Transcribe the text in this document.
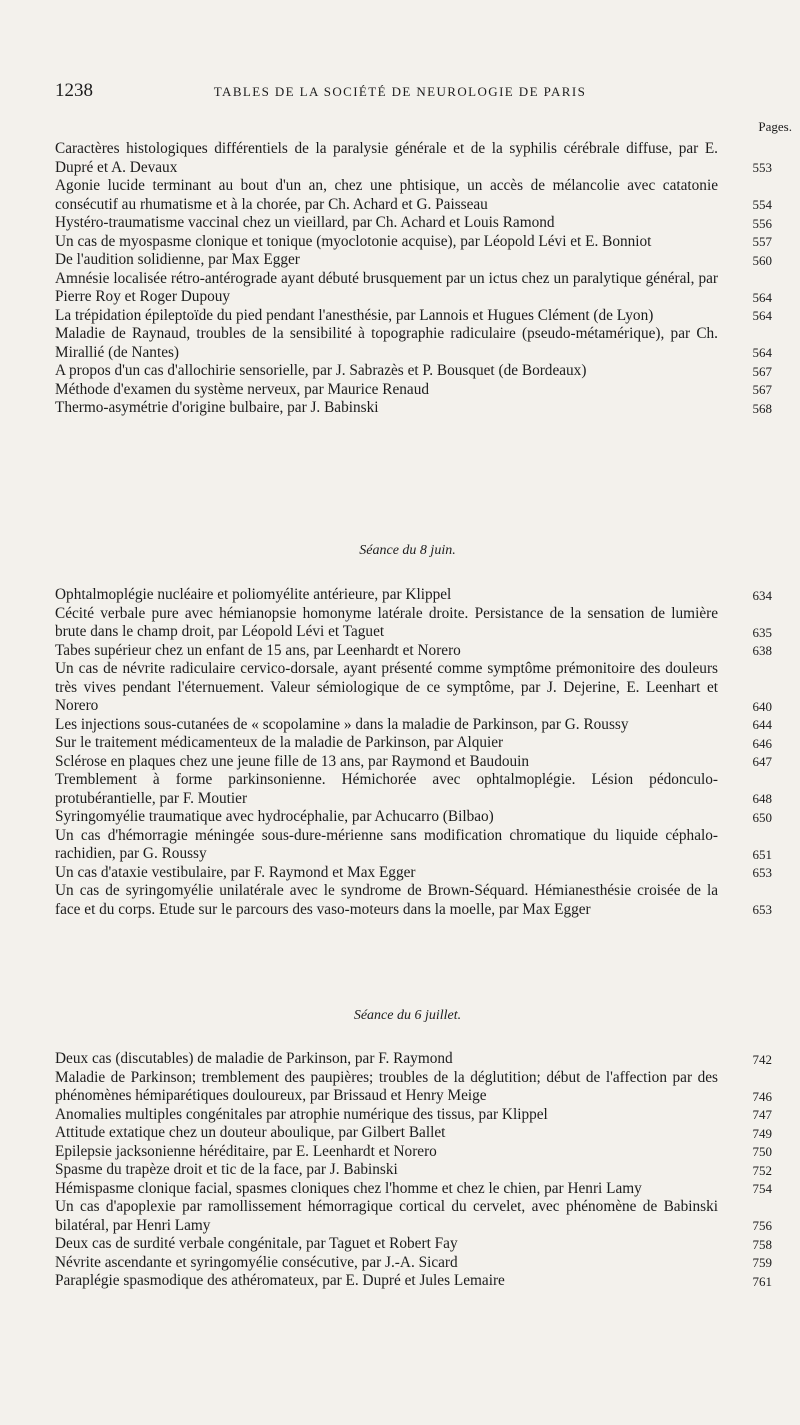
1238	TABLES DE LA SOCIÉTÉ DE NEUROLOGIE DE PARIS
Pages.
Caractères histologiques différentiels de la paralysie générale et de la syphilis cérébrale diffuse, par E. Dupré et A. Devaux	553
Agonie lucide terminant au bout d'un an, chez une phtisique, un accès de mélancolie avec catatonie consécutif au rhumatisme et à la chorée, par Ch. Achard et G. Paisseau	554
Hystéro-traumatisme vaccinal chez un vieillard, par Ch. Achard et Louis Ramond	556
Un cas de myospasme clonique et tonique (myoclotonie acquise), par Léopold Lévi et E. Bonniot	557
De l'audition solidienne, par Max Egger	560
Amnésie localisée rétro-antérograde ayant débuté brusquement par un ictus chez un paralytique général, par Pierre Roy et Roger Dupouy	564
La trépidation épileptoïde du pied pendant l'anesthésie, par Lannois et Hugues Clément (de Lyon)	564
Maladie de Raynaud, troubles de la sensibilité à topographie radiculaire (pseudo-métamérique), par Ch. Mirallié (de Nantes)	564
A propos d'un cas d'allochirie sensorielle, par J. Sabrazès et P. Bousquet (de Bordeaux)	567
Méthode d'examen du système nerveux, par Maurice Renaud	567
Thermo-asymétrie d'origine bulbaire, par J. Babinski	568
Séance du 8 juin.
Ophtalmoplégie nucléaire et poliomyélite antérieure, par Klippel	634
Cécité verbale pure avec hémianopsie homonyme latérale droite. Persistance de la sensation de lumière brute dans le champ droit, par Léopold Lévi et Taguet	635
Tabes supérieur chez un enfant de 15 ans, par Leenhardt et Norero	638
Un cas de névrite radiculaire cervico-dorsale, ayant présenté comme symptôme prémonitoire des douleurs très vives pendant l'éternuement. Valeur sémiologique de ce symptôme, par J. Dejerine, E. Leenhart et Norero	640
Les injections sous-cutanées de « scopolamine » dans la maladie de Parkinson, par G. Roussy	644
Sur le traitement médicamenteux de la maladie de Parkinson, par Alquier	646
Sclérose en plaques chez une jeune fille de 13 ans, par Raymond et Baudouin	647
Tremblement à forme parkinsonienne. Hémichorée avec ophtalmoplégie. Lésion pédonculo-protubérantielle, par F. Moutier	648
Syringomyélie traumatique avec hydrocéphalie, par Achucarro (Bilbao)	650
Un cas d'hémorragie méningée sous-dure-mérienne sans modification chromatique du liquide céphalo-rachidien, par G. Roussy	651
Un cas d'ataxie vestibulaire, par F. Raymond et Max Egger	653
Un cas de syringomyélie unilatérale avec le syndrome de Brown-Séquard. Hémianesthésie croisée de la face et du corps. Etude sur le parcours des vaso-moteurs dans la moelle, par Max Egger	653
Séance du 6 juillet.
Deux cas (discutables) de maladie de Parkinson, par F. Raymond	742
Maladie de Parkinson; tremblement des paupières; troubles de la déglutition; début de l'affection par des phénomènes hémiparétiques douloureux, par Brissaud et Henry Meige	746
Anomalies multiples congénitales par atrophie numérique des tissus, par Klippel	747
Attitude extatique chez un douteur aboulique, par Gilbert Ballet	749
Epilepsie jacksonienne héréditaire, par E. Leenhardt et Norero	750
Spasme du trapèze droit et tic de la face, par J. Babinski	752
Hémispasme clonique facial, spasmes cloniques chez l'homme et chez le chien, par Henri Lamy	754
Un cas d'apoplexie par ramollissement hémorragique cortical du cervelet, avec phénomène de Babinski bilatéral, par Henri Lamy	756
Deux cas de surdité verbale congénitale, par Taguet et Robert Fay	758
Névrite ascendante et syringomyélie consécutive, par J.-A. Sicard	759
Paraplégie spasmodique des athéromateux, par E. Dupré et Jules Lemaire	761
